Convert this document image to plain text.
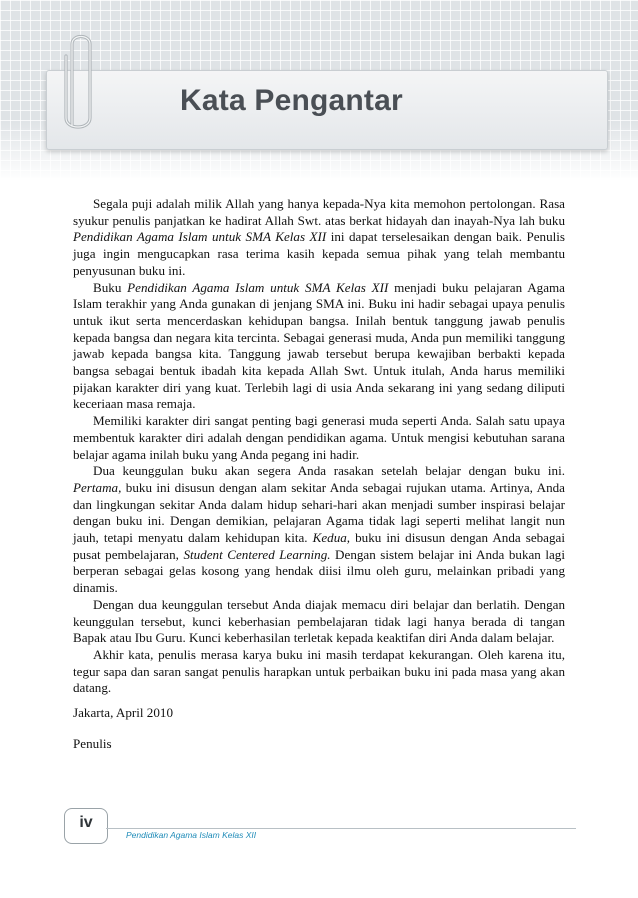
Kata Pengantar

Segala puji adalah milik Allah yang hanya kepada-Nya kita memohon pertolongan. Rasa syukur penulis panjatkan ke hadirat Allah Swt. atas berkat hidayah dan inayah-Nya lah buku Pendidikan Agama Islam untuk SMA Kelas XII ini dapat terselesaikan dengan baik. Penulis juga ingin mengucapkan rasa terima kasih kepada semua pihak yang telah membantu penyusunan buku ini.

Buku Pendidikan Agama Islam untuk SMA Kelas XII menjadi buku pelajaran Agama Islam terakhir yang Anda gunakan di jenjang SMA ini. Buku ini hadir sebagai upaya penulis untuk ikut serta mencerdaskan kehidupan bangsa. Inilah bentuk tanggung jawab penulis kepada bangsa dan negara kita tercinta. Sebagai generasi muda, Anda pun memiliki tanggung jawab kepada bangsa kita. Tanggung jawab tersebut berupa kewajiban berbakti kepada bangsa sebagai bentuk ibadah kita kepada Allah Swt. Untuk itulah, Anda harus memiliki pijakan karakter diri yang kuat. Terlebih lagi di usia Anda sekarang ini yang sedang diliputi keceriaan masa remaja.

Memiliki karakter diri sangat penting bagi generasi muda seperti Anda. Salah satu upaya membentuk karakter diri adalah dengan pendidikan agama. Untuk mengisi kebutuhan sarana belajar agama inilah buku yang Anda pegang ini hadir.

Dua keunggulan buku akan segera Anda rasakan setelah belajar dengan buku ini. Pertama, buku ini disusun dengan alam sekitar Anda sebagai rujukan utama. Artinya, Anda dan lingkungan sekitar Anda dalam hidup sehari-hari akan menjadi sumber inspirasi belajar dengan buku ini. Dengan demikian, pelajaran Agama tidak lagi seperti melihat langit nun jauh, tetapi menyatu dalam kehidupan kita. Kedua, buku ini disusun dengan Anda sebagai pusat pembelajaran, Student Centered Learning. Dengan sistem belajar ini Anda bukan lagi berperan sebagai gelas kosong yang hendak diisi ilmu oleh guru, melainkan pribadi yang dinamis.

Dengan dua keunggulan tersebut Anda diajak memacu diri belajar dan berlatih. Dengan keunggulan tersebut, kunci keberhasian pembelajaran tidak lagi hanya berada di tangan Bapak atau Ibu Guru. Kunci keberhasilan terletak kepada keaktifan diri Anda dalam belajar.

Akhir kata, penulis merasa karya buku ini masih terdapat kekurangan. Oleh karena itu, tegur sapa dan saran sangat penulis harapkan untuk perbaikan buku ini pada masa yang akan datang.

Jakarta, April 2010

Penulis

iv
Pendidikan Agama Islam Kelas XII
